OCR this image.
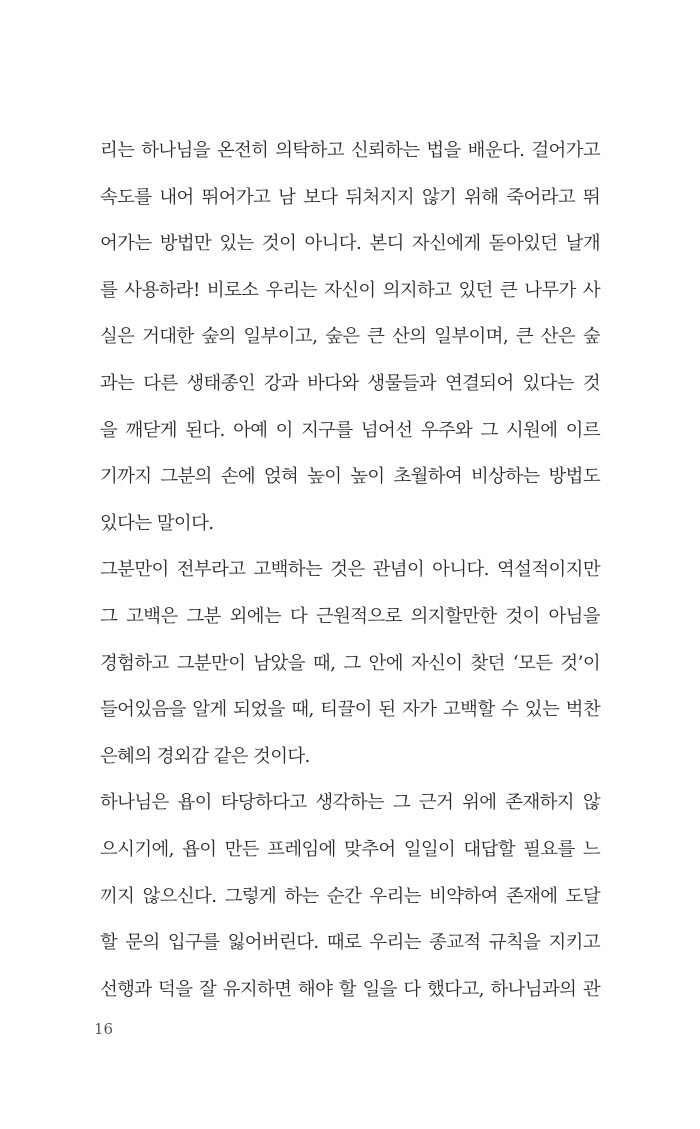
리는 하나님을 온전히 의탁하고 신뢰하는 법을 배운다. 걸어가고
속도를 내어 뛰어가고 남 보다 뒤처지지 않기 위해 죽어라고 뛰
어가는 방법만 있는 것이 아니다. 본디 자신에게 돋아있던 날개
를 사용하라! 비로소 우리는 자신이 의지하고 있던 큰 나무가 사
실은 거대한 숲의 일부이고, 숲은 큰 산의 일부이며, 큰 산은 숲
과는 다른 생태종인 강과 바다와 생물들과 연결되어 있다는 것
을 깨닫게 된다. 아예 이 지구를 넘어선 우주와 그 시원에 이르
기까지 그분의 손에 얹혀 높이 높이 초월하여 비상하는 방법도
있다는 말이다.
그분만이 전부라고 고백하는 것은 관념이 아니다. 역설적이지만
그 고백은 그분 외에는 다 근원적으로 의지할만한 것이 아님을
경험하고 그분만이 남았을 때, 그 안에 자신이 찾던 ‘모든 것’이
들어있음을 알게 되었을 때, 티끌이 된 자가 고백할 수 있는 벅찬
은혜의 경외감 같은 것이다.
하나님은 욥이 타당하다고 생각하는 그 근거 위에 존재하지 않
으시기에, 욥이 만든 프레임에 맞추어 일일이 대답할 필요를 느
끼지 않으신다. 그렇게 하는 순간 우리는 비약하여 존재에 도달
할 문의 입구를 잃어버린다. 때로 우리는 종교적 규칙을 지키고
선행과 덕을 잘 유지하면 해야 할 일을 다 했다고, 하나님과의 관
16
